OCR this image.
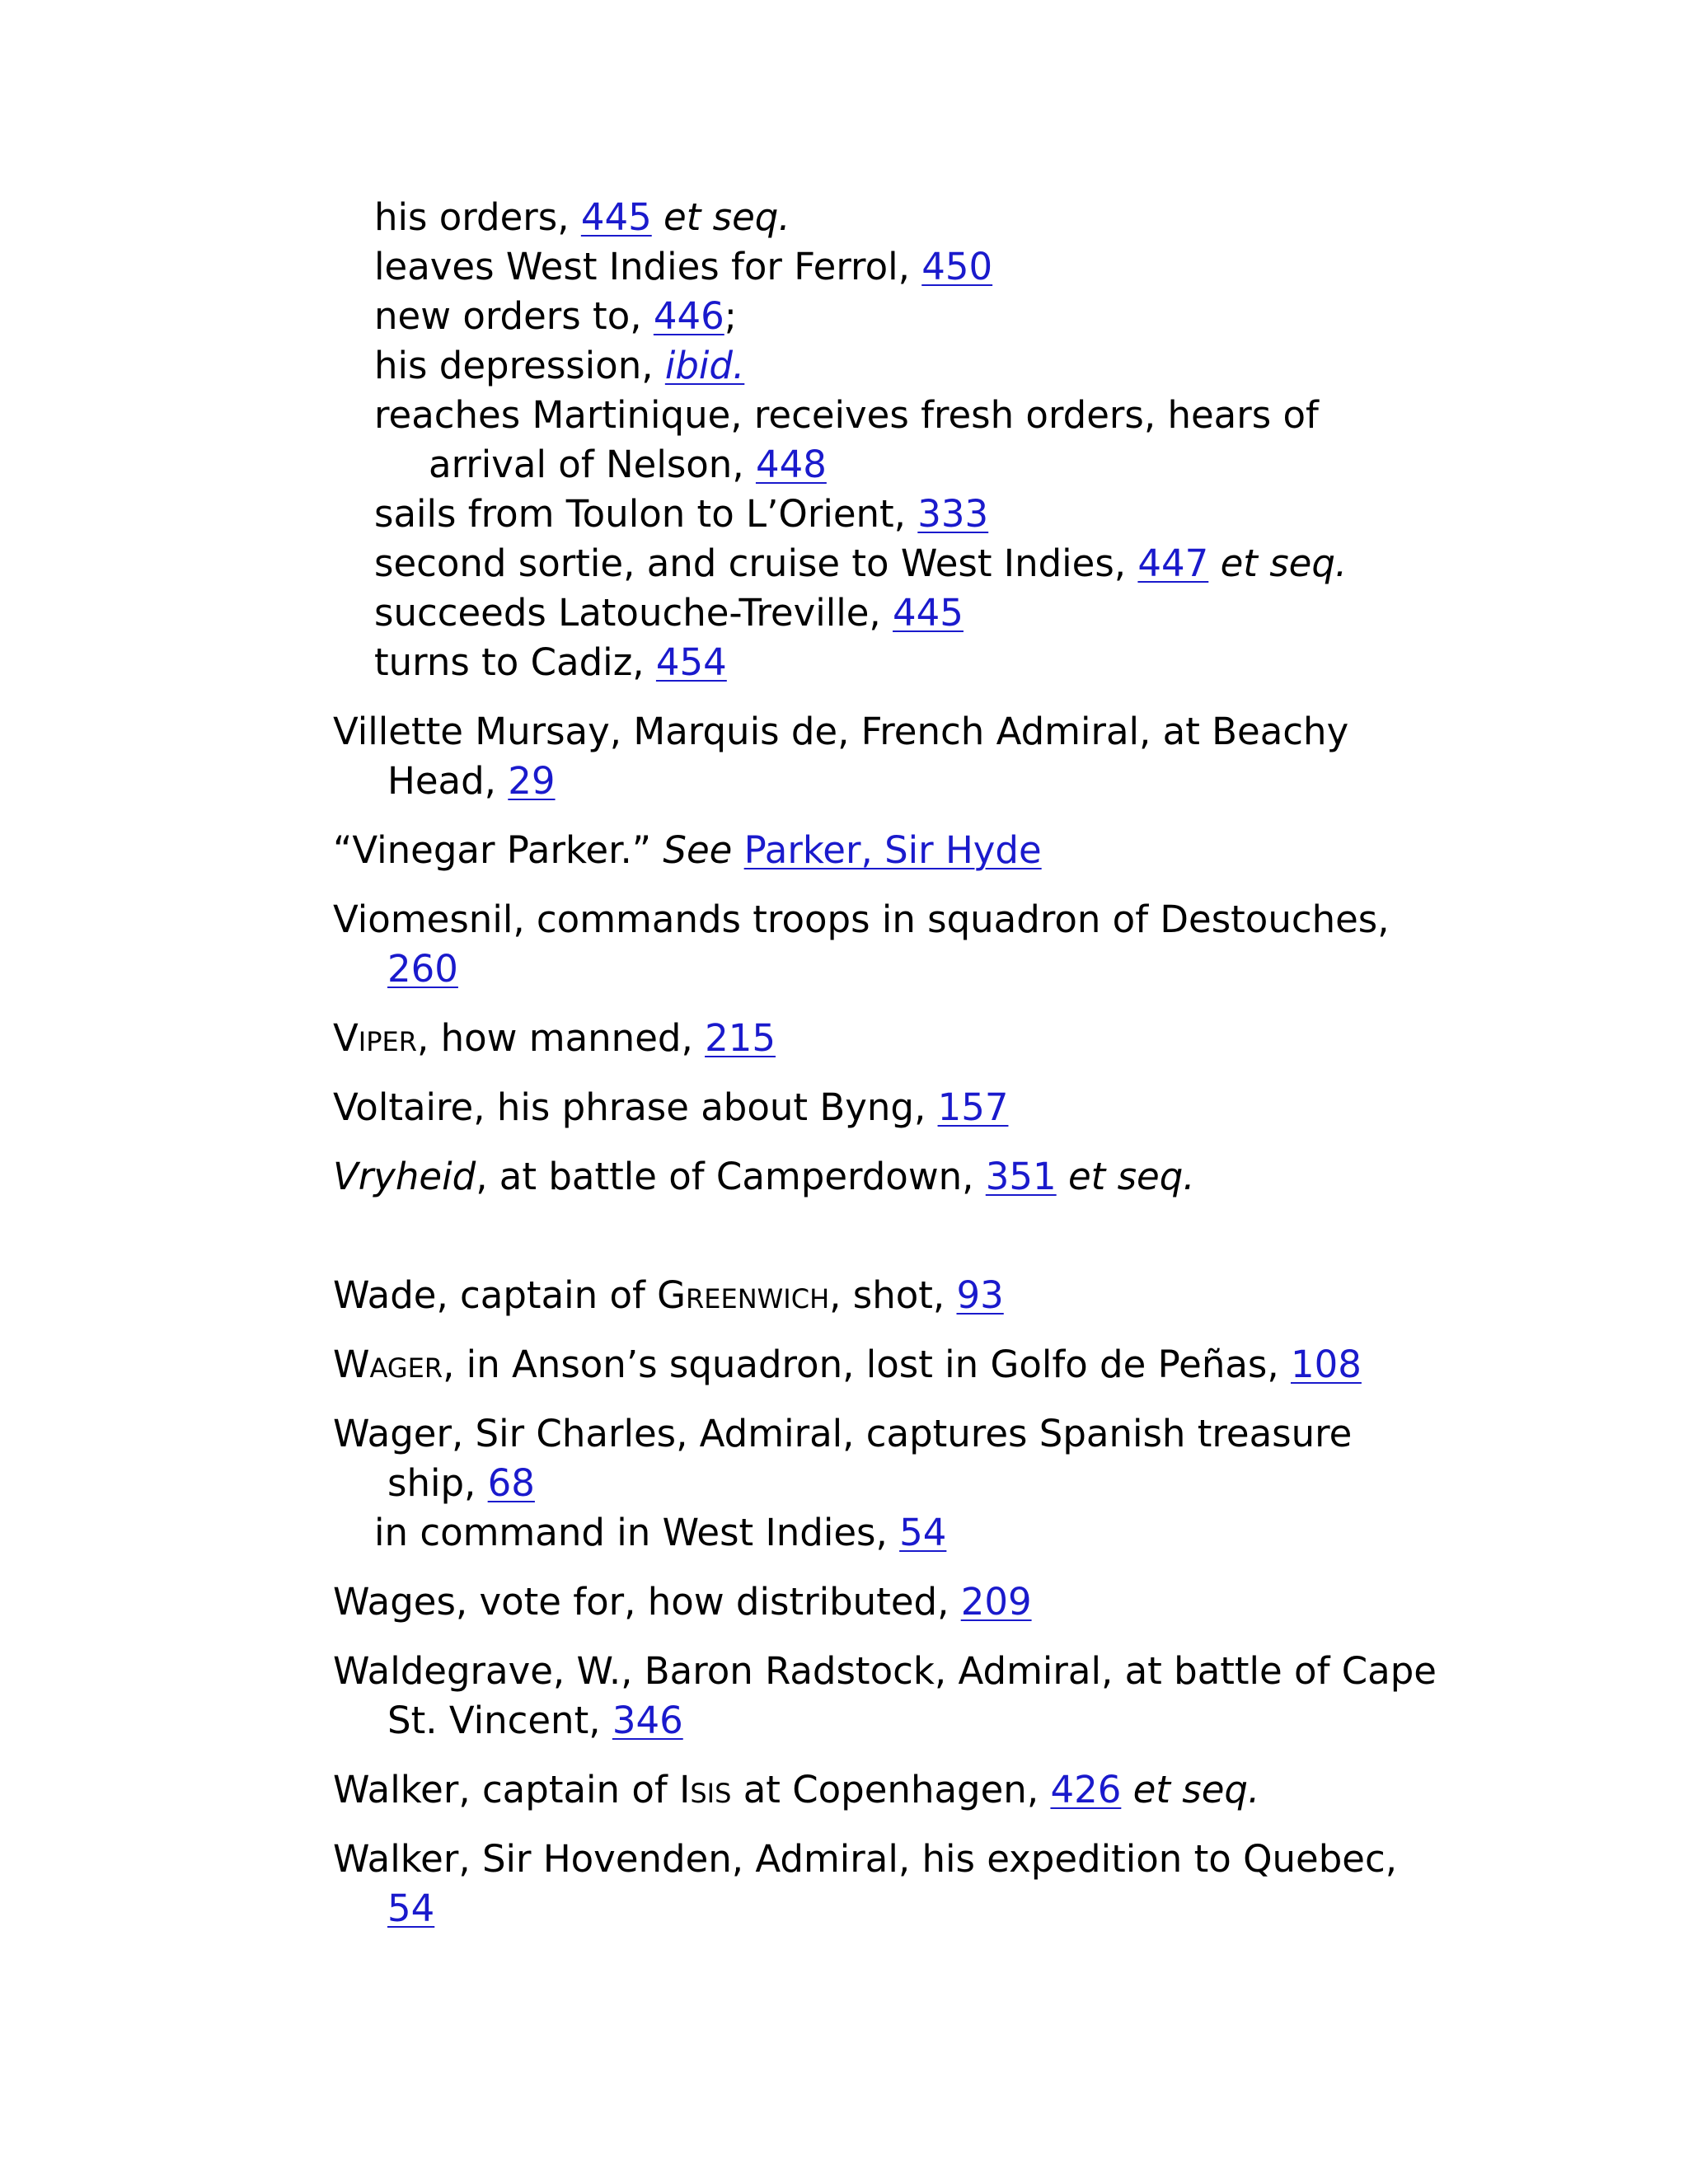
his orders, 445 et seq.

leaves West Indies for Ferrol, 450

new orders to, 446;

his depression, ibid.

reaches Martinique, receives fresh orders, hears of arrival of Nelson, 448

sails from Toulon to L’Orient, 333

second sortie, and cruise to West Indies, 447 et seq.

succeeds Latouche-Treville, 445

turns to Cadiz, 454

Villette Mursay, Marquis de, French Admiral, at Beachy Head, 29

“Vinegar Parker.” See Parker, Sir Hyde

Viomesnil, commands troops in squadron of Destouches, 260

Viper, how manned, 215

Voltaire, his phrase about Byng, 157

Vryheid, at battle of Camperdown, 351 et seq.

Wade, captain of Greenwich, shot, 93

Wager, in Anson’s squadron, lost in Golfo de Peñas, 108

Wager, Sir Charles, Admiral, captures Spanish treasure ship, 68

in command in West Indies, 54

Wages, vote for, how distributed, 209

Waldegrave, W., Baron Radstock, Admiral, at battle of Cape St. Vincent, 346

Walker, captain of Isis at Copenhagen, 426 et seq.

Walker, Sir Hovenden, Admiral, his expedition to Quebec, 54
